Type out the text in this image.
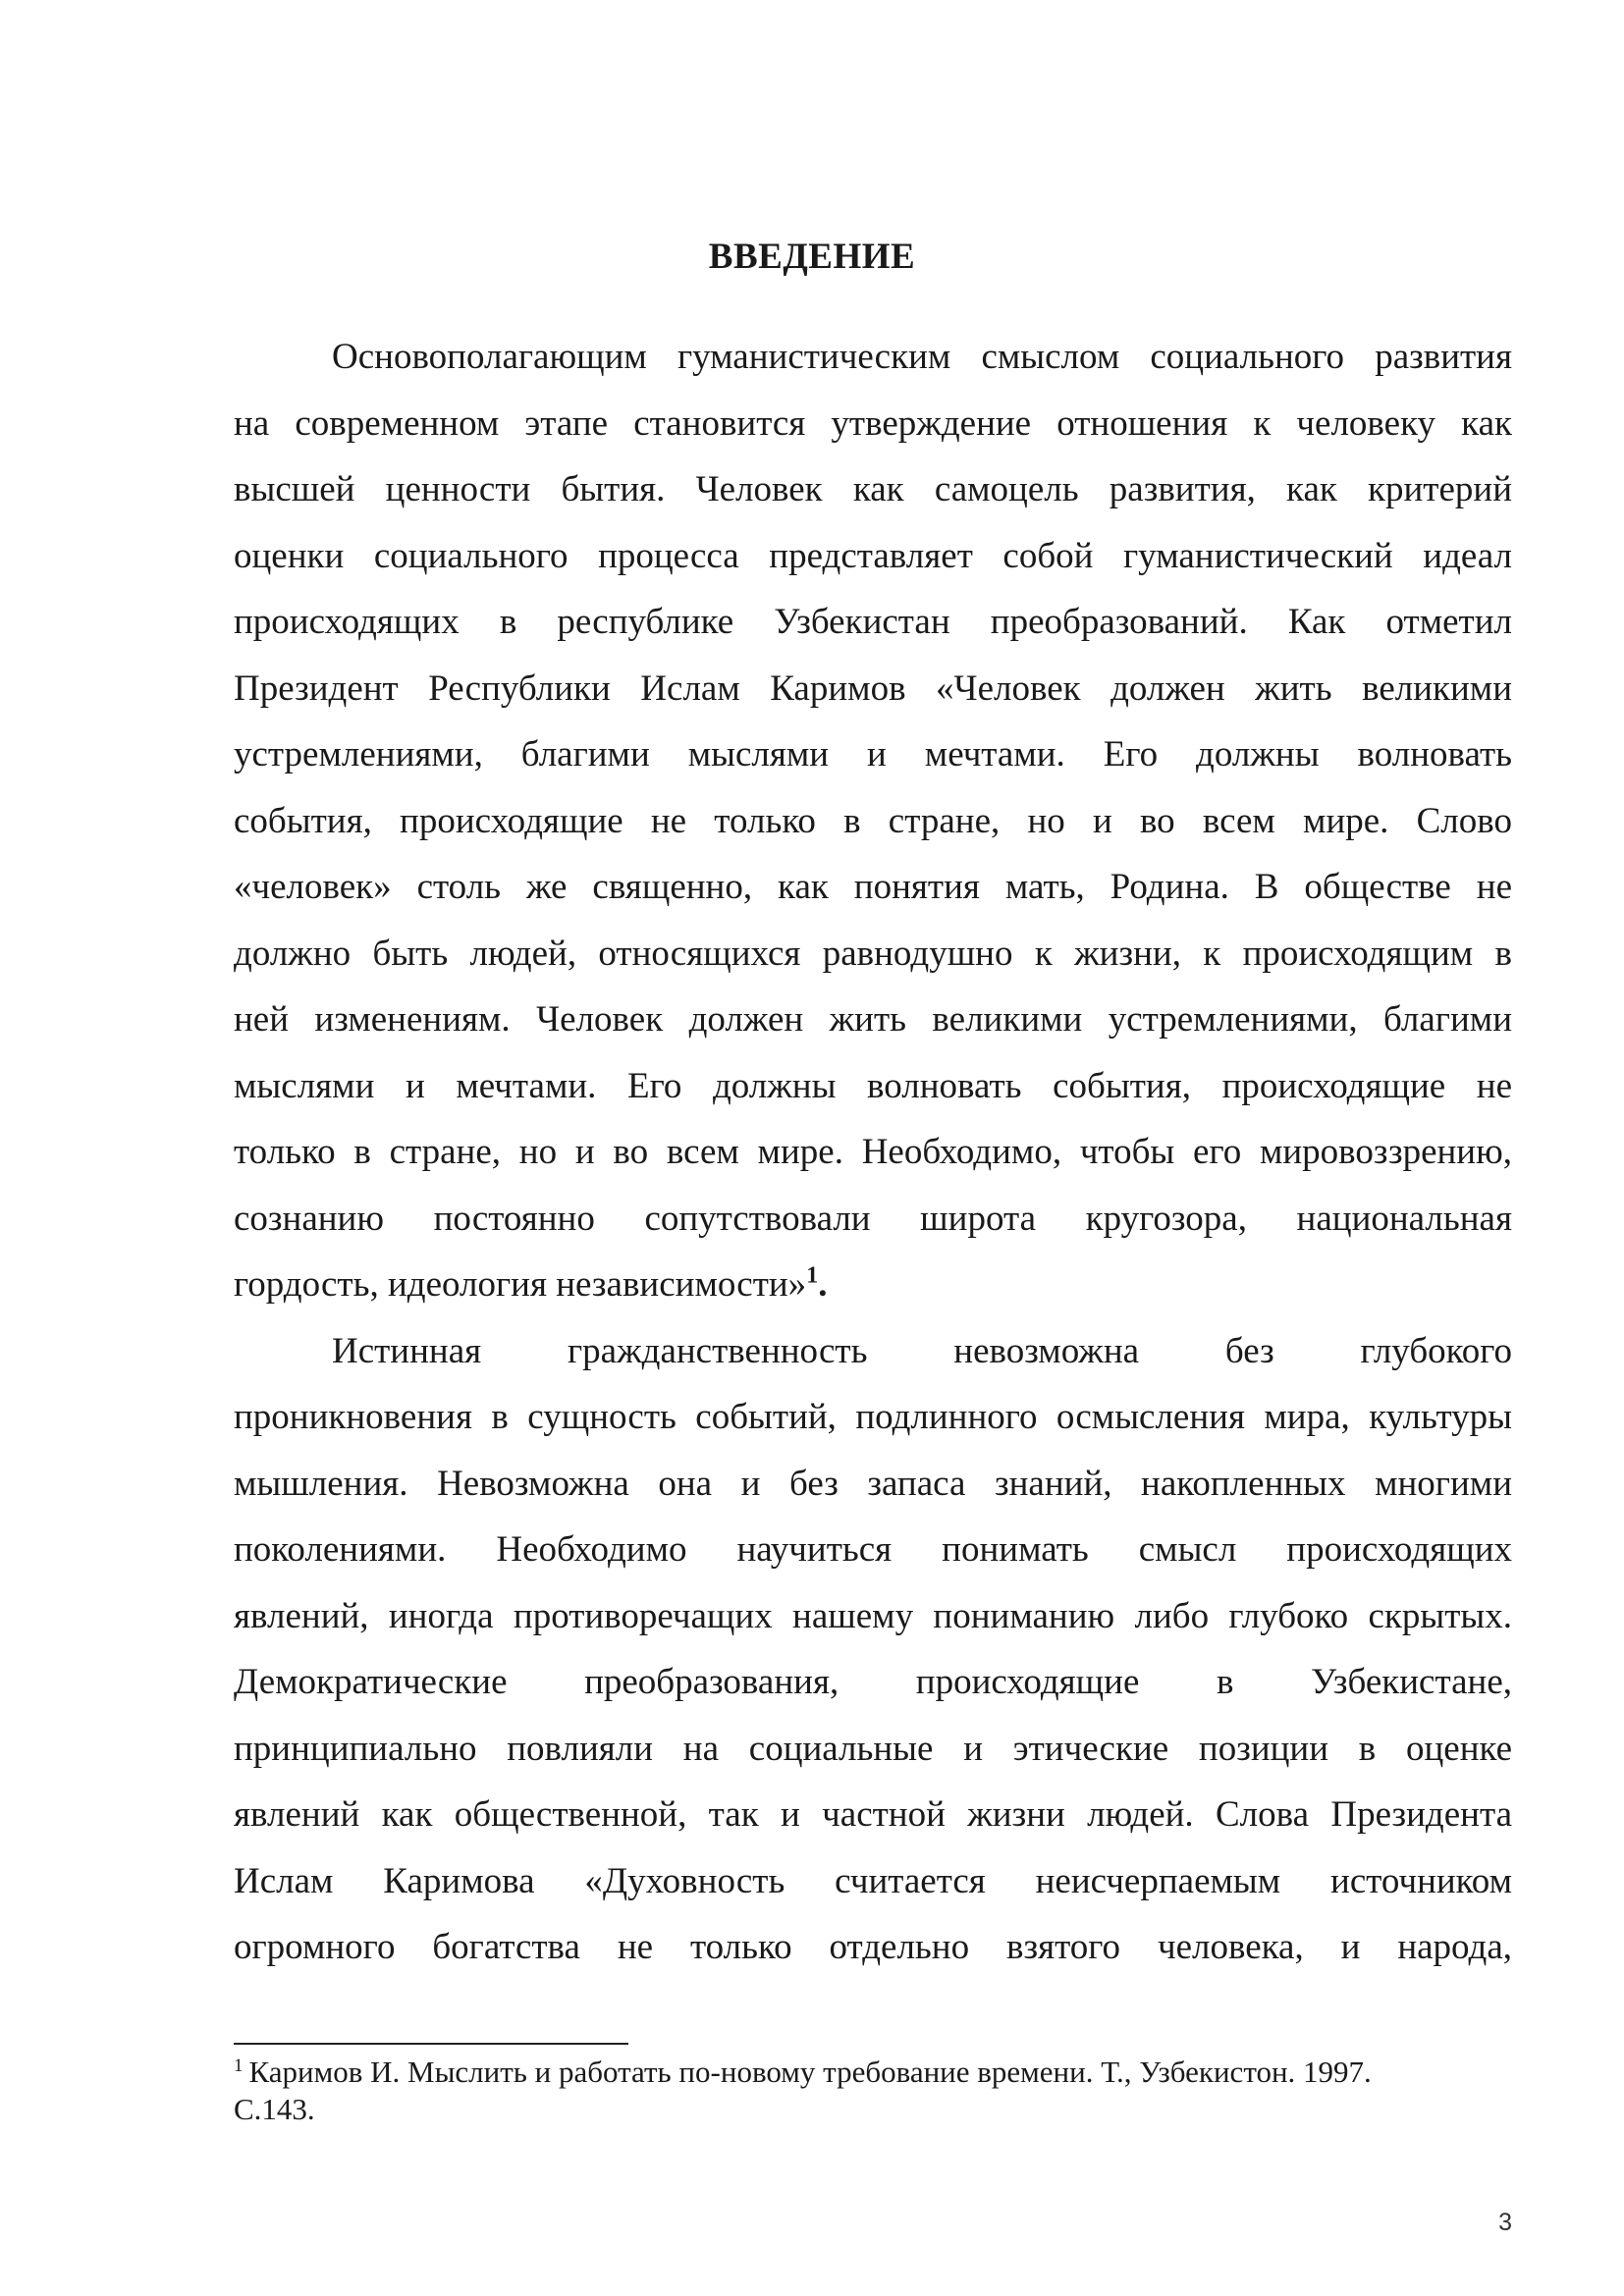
ВВЕДЕНИЕ
Основополагающим гуманистическим смыслом социального развития
на современном этапе становится утверждение отношения к человеку как
высшей ценности бытия. Человек как самоцель развития, как критерий
оценки социального процесса представляет собой гуманистический идеал
происходящих в республике Узбекистан преобразований. Как отметил
Президент Республики Ислам Каримов «Человек должен жить великими
устремлениями, благими мыслями и мечтами. Его должны волновать
события, происходящие не только в стране, но и во всем мире. Слово
«человек» столь же священно, как понятия мать, Родина. В обществе не
должно быть людей, относящихся равнодушно к жизни, к происходящим в
ней изменениям. Человек должен жить великими устремлениями, благими
мыслями и мечтами. Его должны волновать события, происходящие не
только в стране, но и во всем мире. Необходимо, чтобы его мировоззрению,
сознанию постоянно сопутствовали широта кругозора, национальная
гордость, идеология независимости»$^1$.
Истинная гражданственность невозможна без глубокого
проникновения в сущность событий, подлинного осмысления мира, культуры
мышления. Невозможна она и без запаса знаний, накопленных многими
поколениями. Необходимо научиться понимать смысл происходящих
явлений, иногда противоречащих нашему пониманию либо глубоко скрытых.
Демократические преобразования, происходящие в Узбекистане,
принципиально повлияли на социальные и этические позиции в оценке
явлений как общественной, так и частной жизни людей. Слова Президента
Ислам Каримова «Духовность считается неисчерпаемым источником
огромного богатства не только отдельно взятого человека, и народа,
$^1$ Каримов И. Мыслить и работать по-новому требование времени. Т., Узбекистон. 1997.
С.143.
3
